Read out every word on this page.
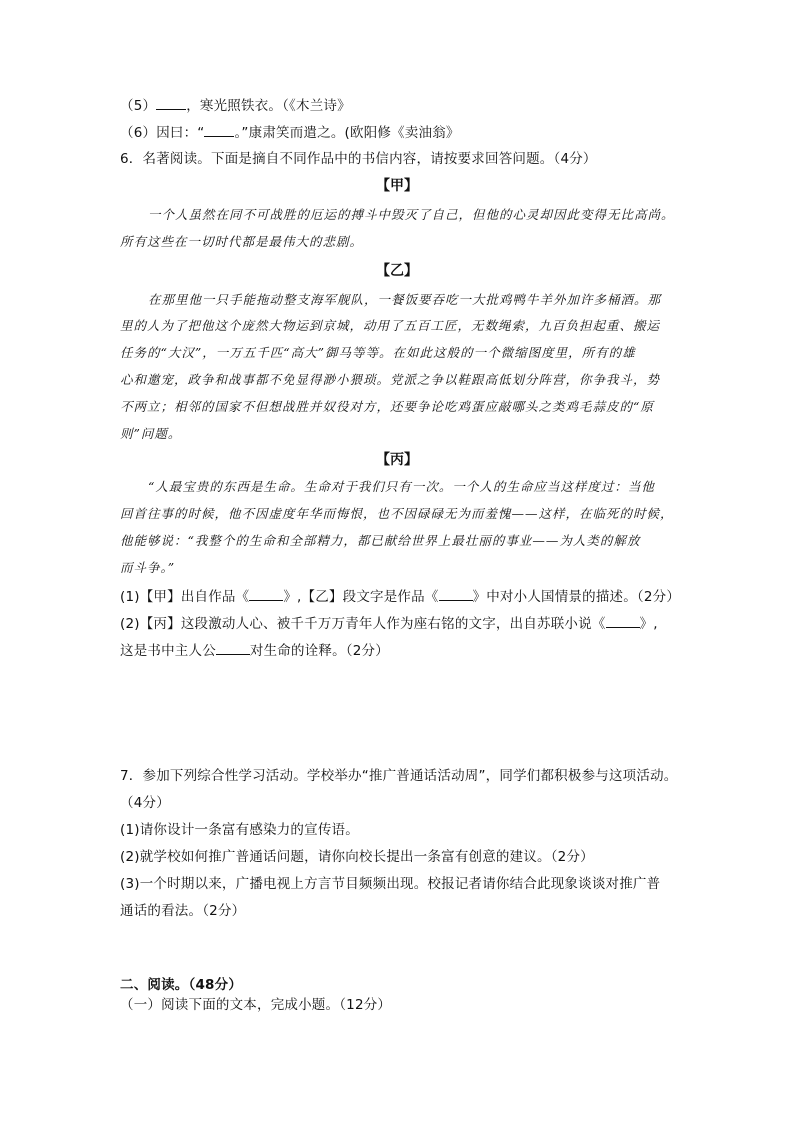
（5） ，寒光照铁衣。（《木兰诗》
（6）因曰：“ 。”康肃笑而遣之。(欧阳修《卖油翁》
6．名著阅读。下面是摘自不同作品中的书信内容，请按要求回答问题。（4分）
【甲】
一个人虽然在同不可战胜的厄运的搏斗中毁灭了自己，但他的心灵却因此变得无比高尚。
所有这些在一切时代都是最伟大的悲剧。
【乙】
在那里他一只手能拖动整支海军舰队，一餐饭要吞吃一大批鸡鸭牛羊外加许多桶酒。那
里的人为了把他这个庞然大物运到京城，动用了五百工匠，无数绳索，九百负担起重、搬运
任务的“大汉”，一万五千匹“高大”御马等等。在如此这般的一个微缩图度里，所有的雄
心和邀宠，政争和战事都不免显得渺小猥琐。党派之争以鞋跟高低划分阵营，你争我斗，势
不两立；相邻的国家不但想战胜并奴役对方，还要争论吃鸡蛋应敲哪头之类鸡毛蒜皮的“原
则”问题。
【丙】
“人最宝贵的东西是生命。生命对于我们只有一次。一个人的生命应当这样度过：当他
回首往事的时候，他不因虚度年华而悔恨，也不因碌碌无为而羞愧——这样，在临死的时候，
他能够说：“我整个的生命和全部精力，都已献给世界上最壮丽的事业——为人类的解放
而斗争。”
(1)【甲】出自作品《	》,【乙】段文字是作品《	》中对小人国情景的描述。（2分）
(2)【丙】这段激动人心、被千千万万青年人作为座右铭的文字，出自苏联小说《	》,
这是书中主人公	对生命的诠释。（2分）
7．参加下列综合性学习活动。学校举办“推广普通话活动周”，同学们都积极参与这项活动。
（4分）
(1)请你设计一条富有感染力的宣传语。
(2)就学校如何推广普通话问题，请你向校长提出一条富有创意的建议。（2分）
(3)一个时期以来，广播电视上方言节目频频出现。校报记者请你结合此现象谈谈对推广普
通话的看法。（2分）
二、阅读。（48分）
（一）阅读下面的文本，完成小题。（12分）
